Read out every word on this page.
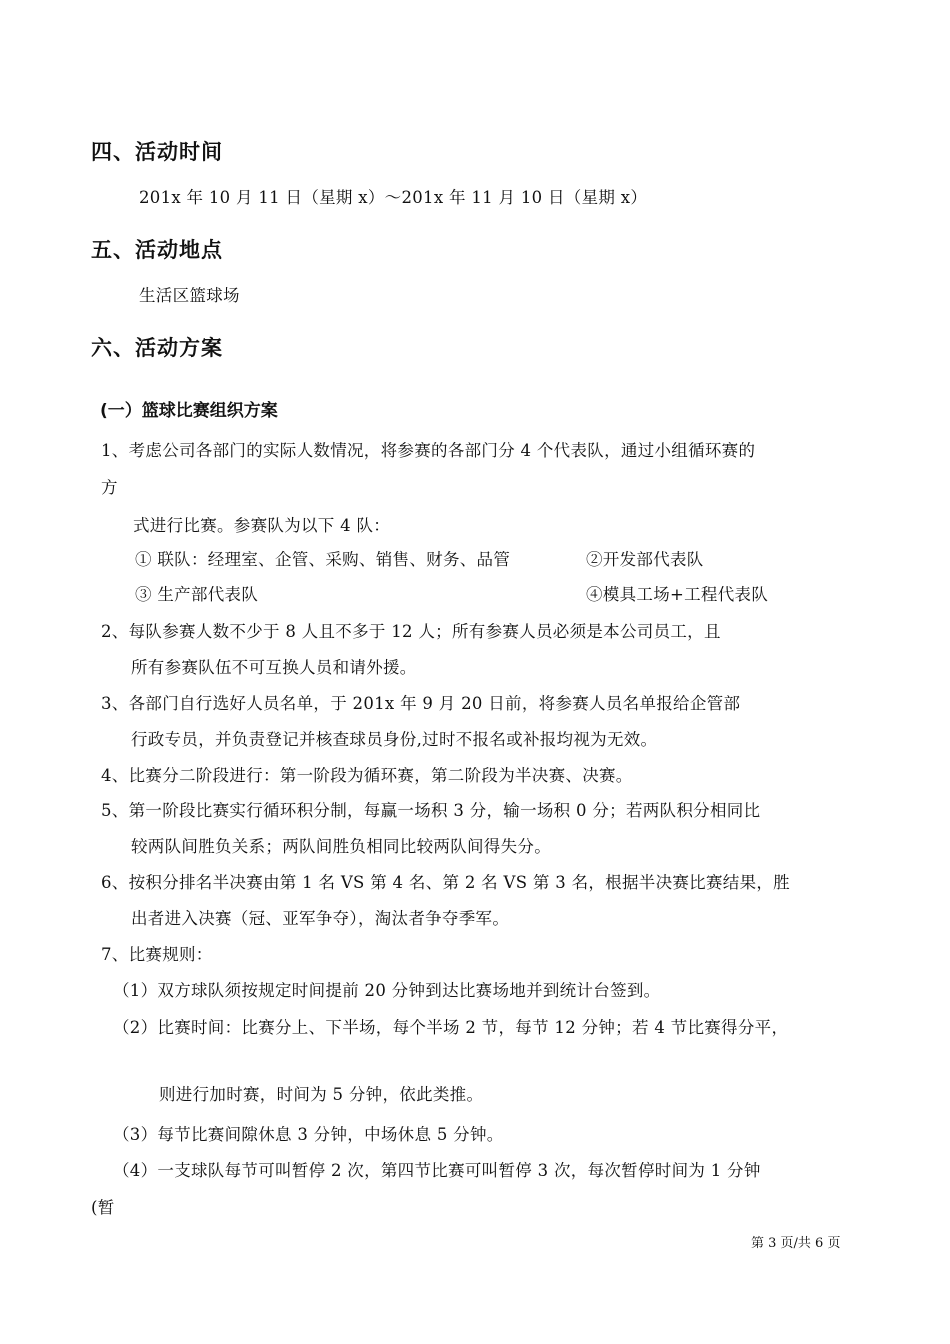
四、活动时间
201x 年 10 月 11 日（星期 x）～201x 年 11 月 10 日（星期 x）
五、活动地点
生活区篮球场
六、活动方案
(一）篮球比赛组织方案
1、考虑公司各部门的实际人数情况，将参赛的各部门分 4 个代表队，通过小组循环赛的
方
式进行比赛。参赛队为以下 4 队：
① 联队：经理室、企管、采购、销售、财务、品管	②开发部代表队
③ 生产部代表队	④模具工场+工程代表队
2、每队参赛人数不少于 8 人且不多于 12 人；所有参赛人员必须是本公司员工，且
所有参赛队伍不可互换人员和请外援。
3、各部门自行选好人员名单，于 201x 年 9 月 20 日前，将参赛人员名单报给企管部
行政专员，并负责登记并核查球员身份,过时不报名或补报均视为无效。
4、比赛分二阶段进行：第一阶段为循环赛，第二阶段为半决赛、决赛。
5、第一阶段比赛实行循环积分制，每赢一场积 3 分，输一场积 0 分；若两队积分相同比
较两队间胜负关系；两队间胜负相同比较两队间得失分。
6、按积分排名半决赛由第 1 名 VS 第 4 名、第 2 名 VS 第 3 名，根据半决赛比赛结果，胜
出者进入决赛（冠、亚军争夺），淘汰者争夺季军。
7、比赛规则：
（1）双方球队须按规定时间提前 20 分钟到达比赛场地并到统计台签到。
（2）比赛时间：比赛分上、下半场，每个半场 2 节，每节 12 分钟；若 4 节比赛得分平，
则进行加时赛，时间为 5 分钟，依此类推。
（3）每节比赛间隙休息 3 分钟，中场休息 5 分钟。
（4）一支球队每节可叫暂停 2 次，第四节比赛可叫暂停 3 次，每次暂停时间为 1 分钟
(暂
第 3 页/共 6 页
